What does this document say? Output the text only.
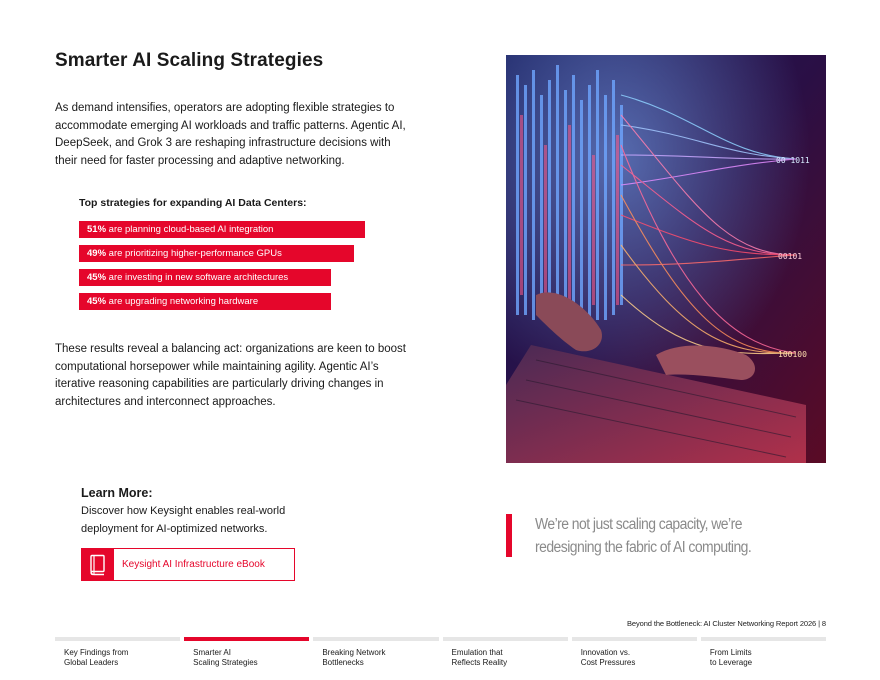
Smarter AI Scaling Strategies
As demand intensifies, operators are adopting flexible strategies to accommodate emerging AI workloads and traffic patterns. Agentic AI, DeepSeek, and Grok 3 are reshaping infrastructure decisions with their need for faster processing and adaptive networking.
Top strategies for expanding AI Data Centers:
51% are planning cloud-based AI integration
49% are prioritizing higher-performance GPUs
45% are investing in new software architectures
45% are upgrading networking hardware
These results reveal a balancing act: organizations are keen to boost computational horsepower while maintaining agility. Agentic AI’s iterative reasoning capabilities are particularly driving changes in architectures and interconnect approaches.
Learn More:
Discover how Keysight enables real-world deployment for AI-optimized networks.
Keysight AI Infrastructure eBook
00 1011
00101
100100
We’re not just scaling capacity, we’re redesigning the fabric of AI computing.
Beyond the Bottleneck: AI Cluster Networking Report 2026 | 8
Key Findings from
Global Leaders
Smarter AI
Scaling Strategies
Breaking Network
Bottlenecks
Emulation that
Reflects Reality
Innovation vs.
Cost Pressures
From Limits
to Leverage
